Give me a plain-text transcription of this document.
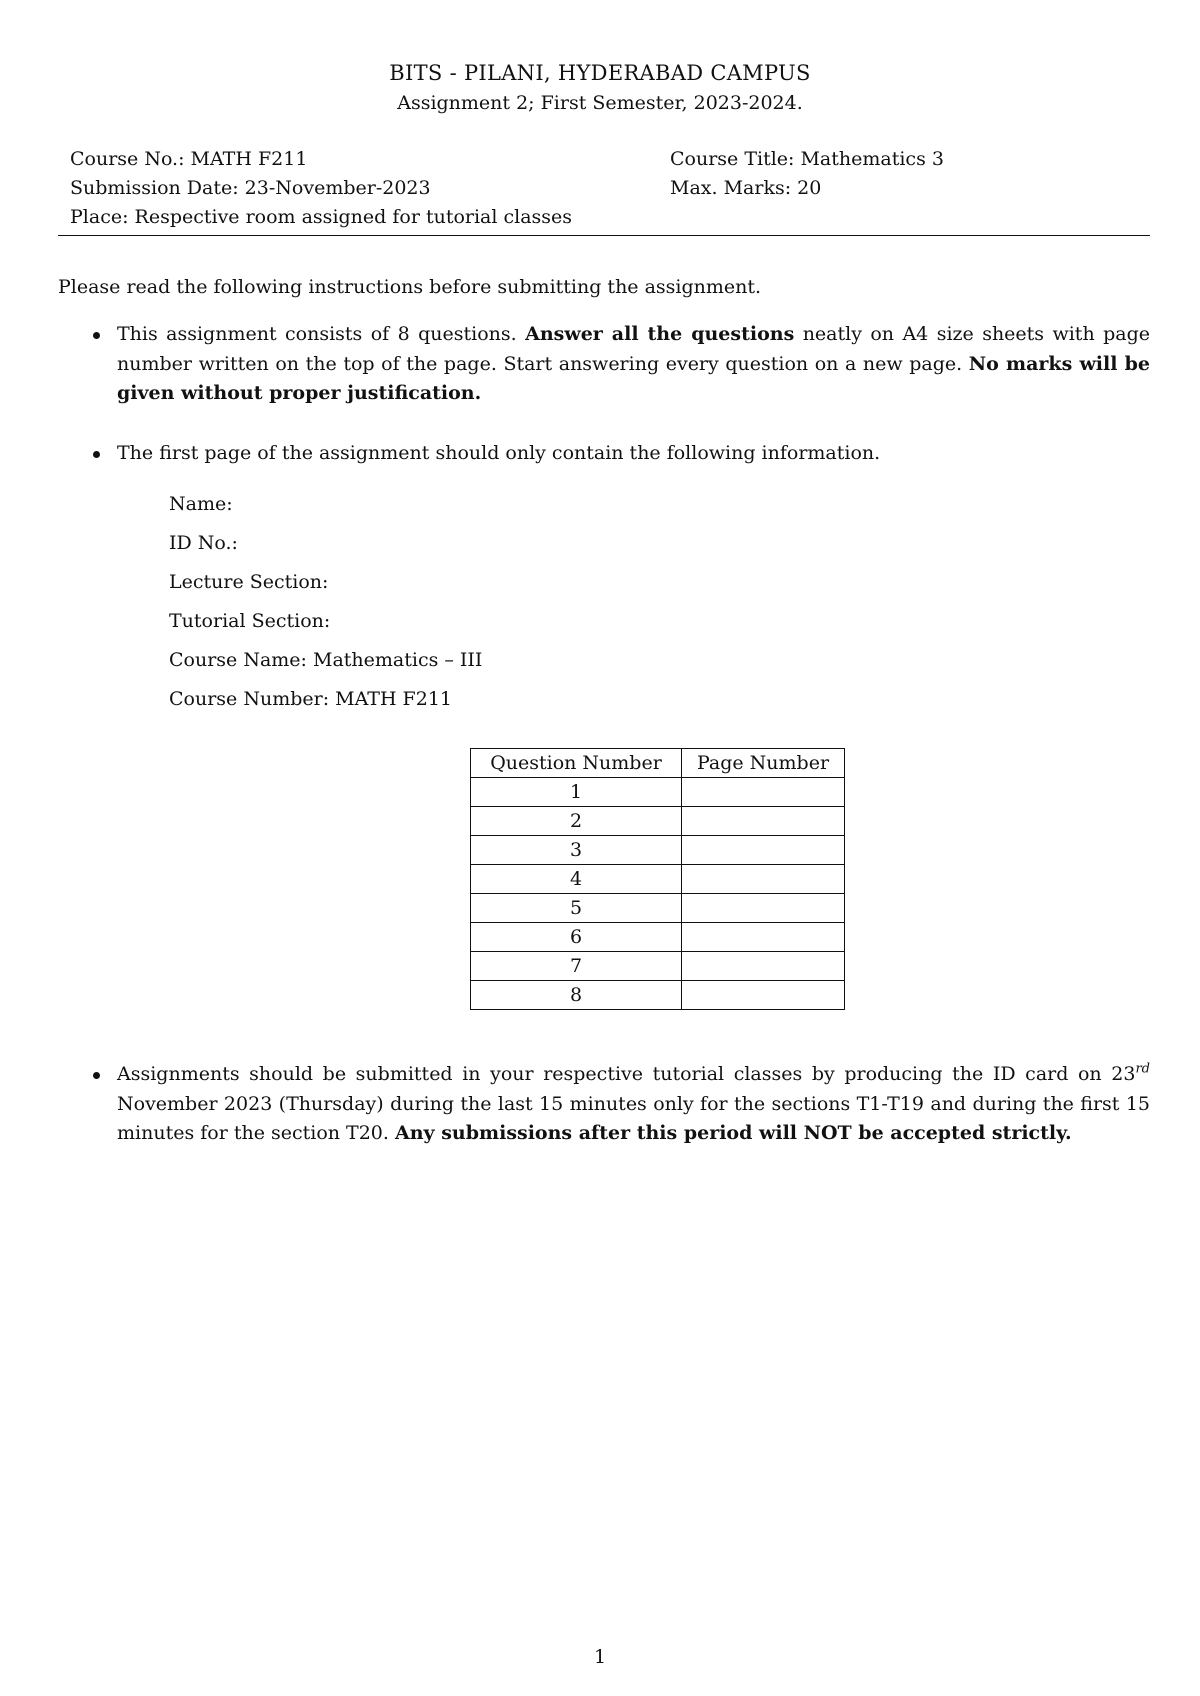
BITS - PILANI, HYDERABAD CAMPUS
Assignment 2; First Semester, 2023-2024.
Course No.: MATH F211	Course Title: Mathematics 3
Submission Date: 23-November-2023	Max. Marks: 20
Place: Respective room assigned for tutorial classes
Please read the following instructions before submitting the assignment.
This assignment consists of 8 questions. Answer all the questions neatly on A4 size sheets with page number written on the top of the page. Start answering every question on a new page. No marks will be given without proper justification.
The first page of the assignment should only contain the following information.
Name:
ID No.:
Lecture Section:
Tutorial Section:
Course Name: Mathematics – III
Course Number: MATH F211
Question Number	Page Number
1	
2	
3	
4	
5	
6	
7	
8	
Assignments should be submitted in your respective tutorial classes by producing the ID card on 23rd November 2023 (Thursday) during the last 15 minutes only for the sections T1-T19 and during the first 15 minutes for the section T20. Any submissions after this period will NOT be accepted strictly.
1
